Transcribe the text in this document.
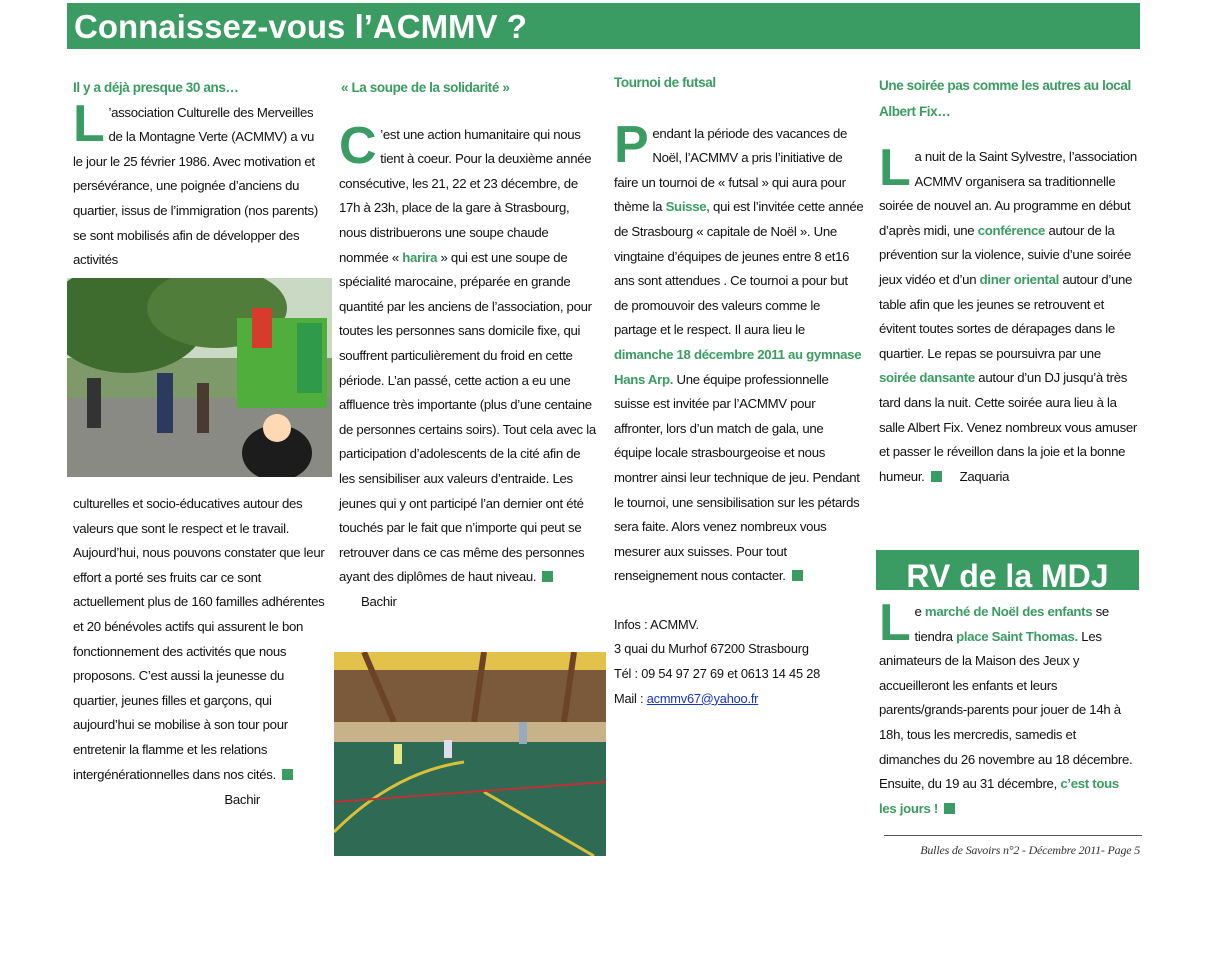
Connaissez-vous l’ACMMV ?

Il y a déjà presque 30 ans…

L ’association Culturelle des Merveilles de la Montagne Verte (ACMMV) a vu le jour le 25 février 1986. Avec motivation et persévérance, une poignée d’anciens du quartier, issus de l’immigration (nos parents) se sont mobilisés afin de développer des activités

culturelles et socio-éducatives autour des valeurs que sont le respect et le travail. Aujourd’hui, nous pouvons constater que leur effort a porté ses fruits car ce sont actuellement plus de 160 familles adhérentes et 20 bénévoles actifs qui assurent le bon fonctionnement des activités que nous proposons. C’est aussi la jeunesse du quartier, jeunes filles et garçons, qui aujourd’hui se mobilise à son tour pour entretenir la flamme et les relations intergénérationnelles dans nos cités.

Bachir

« La soupe de la solidarité »

C ’est une action humanitaire qui nous tient à coeur. Pour la deuxième année consécutive, les 21, 22 et 23 décembre, de 17h à 23h, place de la gare à Strasbourg, nous distribuerons une soupe chaude nommée « harira » qui est une soupe de spécialité marocaine, préparée en grande quantité par les anciens de l’association, pour toutes les personnes sans domicile fixe, qui souffrent particulièrement du froid en cette période. L’an passé, cette action a eu une affluence très importante (plus d’une centaine de personnes certains soirs). Tout cela avec la participation d’adolescents de la cité afin de les sensibiliser aux valeurs d’entraide. Les jeunes qui y ont participé l’an dernier ont été touchés par le fait que n’importe qui peut se retrouver dans ce cas même des personnes ayant des diplômes de haut niveau.Bachir

Tournoi de futsal

Pendant la période des vacances de Noël, l’ACMMV a pris l’initiative de faire un tournoi de « futsal » qui aura pour thème la Suisse, qui est l’invitée cette année de Strasbourg « capitale de Noël ». Une vingtaine d’équipes de jeunes entre 8 et16 ans sont attendues . Ce tournoi a pour but de promouvoir des valeurs comme le partage et le respect. Il aura lieu le dimanche 18 décembre 2011 au gymnase Hans Arp. Une équipe professionnelle suisse est invitée par l’ACMMV pour affronter, lors d’un match de gala, une équipe locale strasbourgeoise et nous montrer ainsi leur technique de jeu. Pendant le tournoi, une sensibilisation sur les pétards sera faite. Alors venez nombreux vous mesurer aux suisses. Pour tout renseignement nous contacter.

Infos : ACMMV.

3 quai du Murhof 67200 Strasbourg

Tél : 09 54 97 27 69 et 0613 14 45 28

Mail : acmmv67@yahoo.fr

Une soirée pas comme les autres au local Albert Fix…

La nuit de la Saint Sylvestre, l’association ACMMV organisera sa traditionnelle soirée de nouvel an. Au programme en début d’après midi, une conférence autour de la prévention sur la violence, suivie d’une soirée jeux vidéo et d’un diner oriental autour d’une table afin que les jeunes se retrouvent et évitent toutes sortes de dérapages dans le quartier. Le repas se poursuivra par une soirée dansante autour d’un DJ jusqu’à très tard dans la nuit. Cette soirée aura lieu à la salle Albert Fix. Venez nombreux vous amuser et passer le réveillon dans la joie et la bonne humeur.	Zaquaria

RV de la MDJ

Le marché de Noël des enfants se tiendra place Saint Thomas. Les animateurs de la Maison des Jeux y accueilleront les enfants et leurs parents/grands-parents pour jouer de 14h à 18h, tous les mercredis, samedis et dimanches du 26 novembre au 18 décembre. Ensuite, du 19 au 31 décembre, c’est tous les jours !

Bulles de Savoirs n°2 - Décembre 2011- Page 5
